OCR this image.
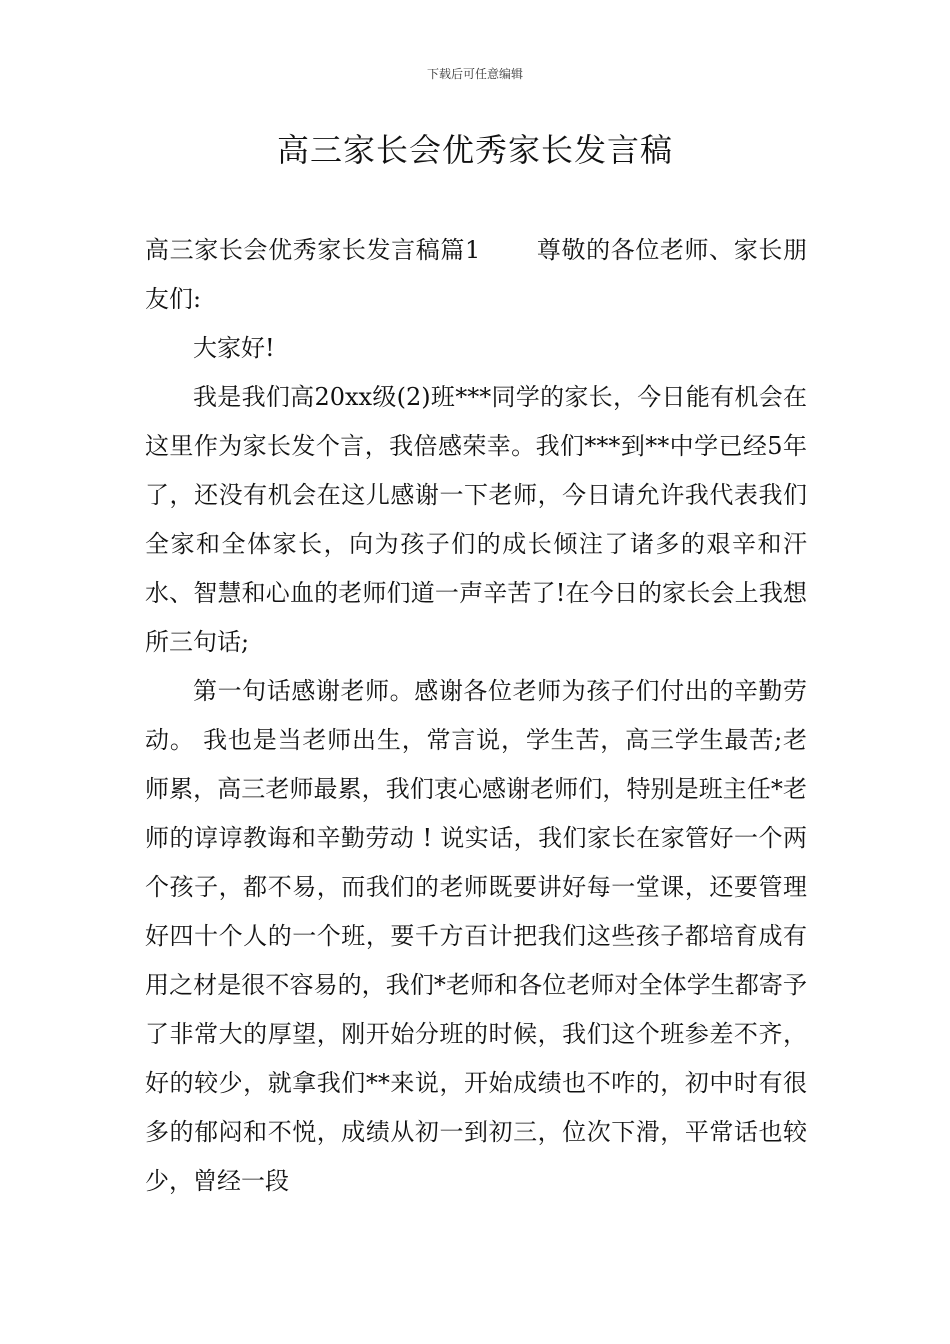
下载后可任意编辑
高三家长会优秀家长发言稿

高三家长会优秀家长发言稿篇1 尊敬的各位老师、家长朋友们:

大家好!

我是我们高20xx级(2)班***同学的家长，今日能有机会在这里作为家长发个言，我倍感荣幸。我们***到**中学已经5年了，还没有机会在这儿感谢一下老师，今日请允许我代表我们全家和全体家长，向为孩子们的成长倾注了诸多的艰辛和汗水、智慧和心血的老师们道一声辛苦了!在今日的家长会上我想所三句话;

第一句话感谢老师。感谢各位老师为孩子们付出的辛勤劳动。 我也是当老师出生，常言说，学生苦，高三学生最苦;老师累，高三老师最累，我们衷心感谢老师们，特别是班主任*老师的谆谆教诲和辛勤劳动 ! 说实话，我们家长在家管好一个两个孩子，都不易，而我们的老师既要讲好每一堂课，还要管理好四十个人的一个班，要千方百计把我们这些孩子都培育成有用之材是很不容易的，我们*老师和各位老师对全体学生都寄予了非常大的厚望，刚开始分班的时候，我们这个班参差不齐，好的较少，就拿我们**来说，开始成绩也不咋的，初中时有很多的郁闷和不悦，成绩从初一到初三，位次下滑，平常话也较少，曾经一段
